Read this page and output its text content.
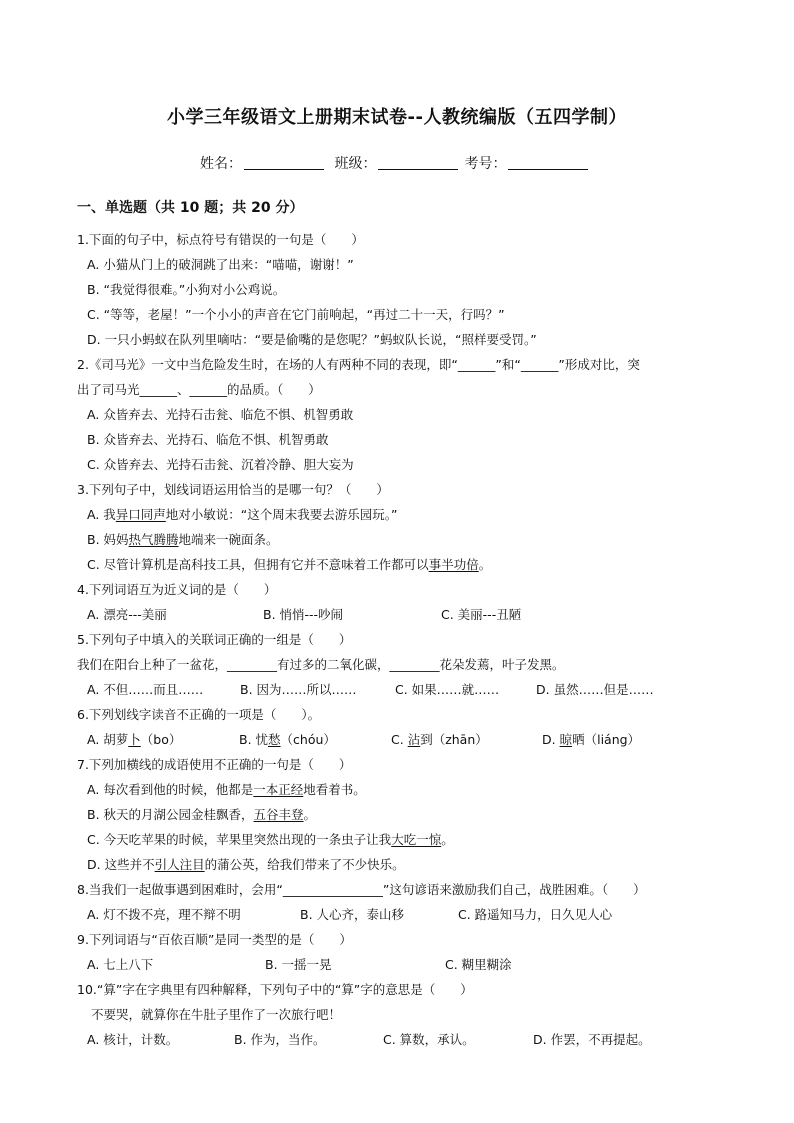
小学三年级语文上册期末试卷--人教统编版（五四学制）
姓名：	班级：	考号：
一、单选题（共 10 题；共 20 分）
1.下面的句子中，标点符号有错误的一句是（　　）
A. 小猫从门上的破洞跳了出来：“喵喵，谢谢！”
B. “我觉得很难。”小狗对小公鸡说。
C. “等等，老屋！”一个小小的声音在它门前响起，“再过二十一天，行吗？”
D. 一只小蚂蚁在队列里嘀咕：“要是偷嘴的是您呢？”蚂蚁队长说，“照样要受罚。”
2.《司马光》一文中当危险发生时，在场的人有两种不同的表现，即“______”和“______”形成对比，突
出了司马光______、______的品质。（　　）
A. 众皆弃去、光持石击瓮、临危不惧、机智勇敢
B. 众皆弃去、光持石、临危不惧、机智勇敢
C. 众皆弃去、光持石击瓮、沉着冷静、胆大妄为
3.下列句子中，划线词语运用恰当的是哪一句？（　　）
A. 我异口同声地对小敏说：“这个周末我要去游乐园玩。”
B. 妈妈热气腾腾地端来一碗面条。
C. 尽管计算机是高科技工具，但拥有它并不意味着工作都可以事半功倍。
4.下列词语互为近义词的是（　　）
A. 漂亮---美丽	B. 悄悄---吵闹	C. 美丽---丑陋
5.下列句子中填入的关联词正确的一组是（　　）
我们在阳台上种了一盆花，________有过多的二氧化碳，________花朵发蔫，叶子发黑。
A. 不但……而且……	B. 因为……所以……	C. 如果……就……	D. 虽然……但是……
6.下列划线字读音不正确的一项是（　　）。
A. 胡萝卜（bo）	B. 忧愁（chóu）	C. 沾到（zhān）	D. 晾晒（liáng）
7.下列加横线的成语使用不正确的一句是（　　）
A. 每次看到他的时候，他都是一本正经地看着书。
B. 秋天的月湖公园金桂飘香，五谷丰登。
C. 今天吃苹果的时候，苹果里突然出现的一条虫子让我大吃一惊。
D. 这些并不引人注目的蒲公英，给我们带来了不少快乐。
8.当我们一起做事遇到困难时，会用“________________”这句谚语来激励我们自己，战胜困难。（　　）
A. 灯不拨不亮，理不辩不明	B. 人心齐，泰山移	C. 路遥知马力，日久见人心
9.下列词语与“百依百顺”是同一类型的是（　　）
A. 七上八下	B. 一摇一晃	C. 糊里糊涂
10.“算”字在字典里有四种解释，下列句子中的“算”字的意思是（　　）
不要哭，就算你在牛肚子里作了一次旅行吧！
A. 核计，计数。	B. 作为，当作。	C. 算数，承认。	D. 作罢，不再提起。
